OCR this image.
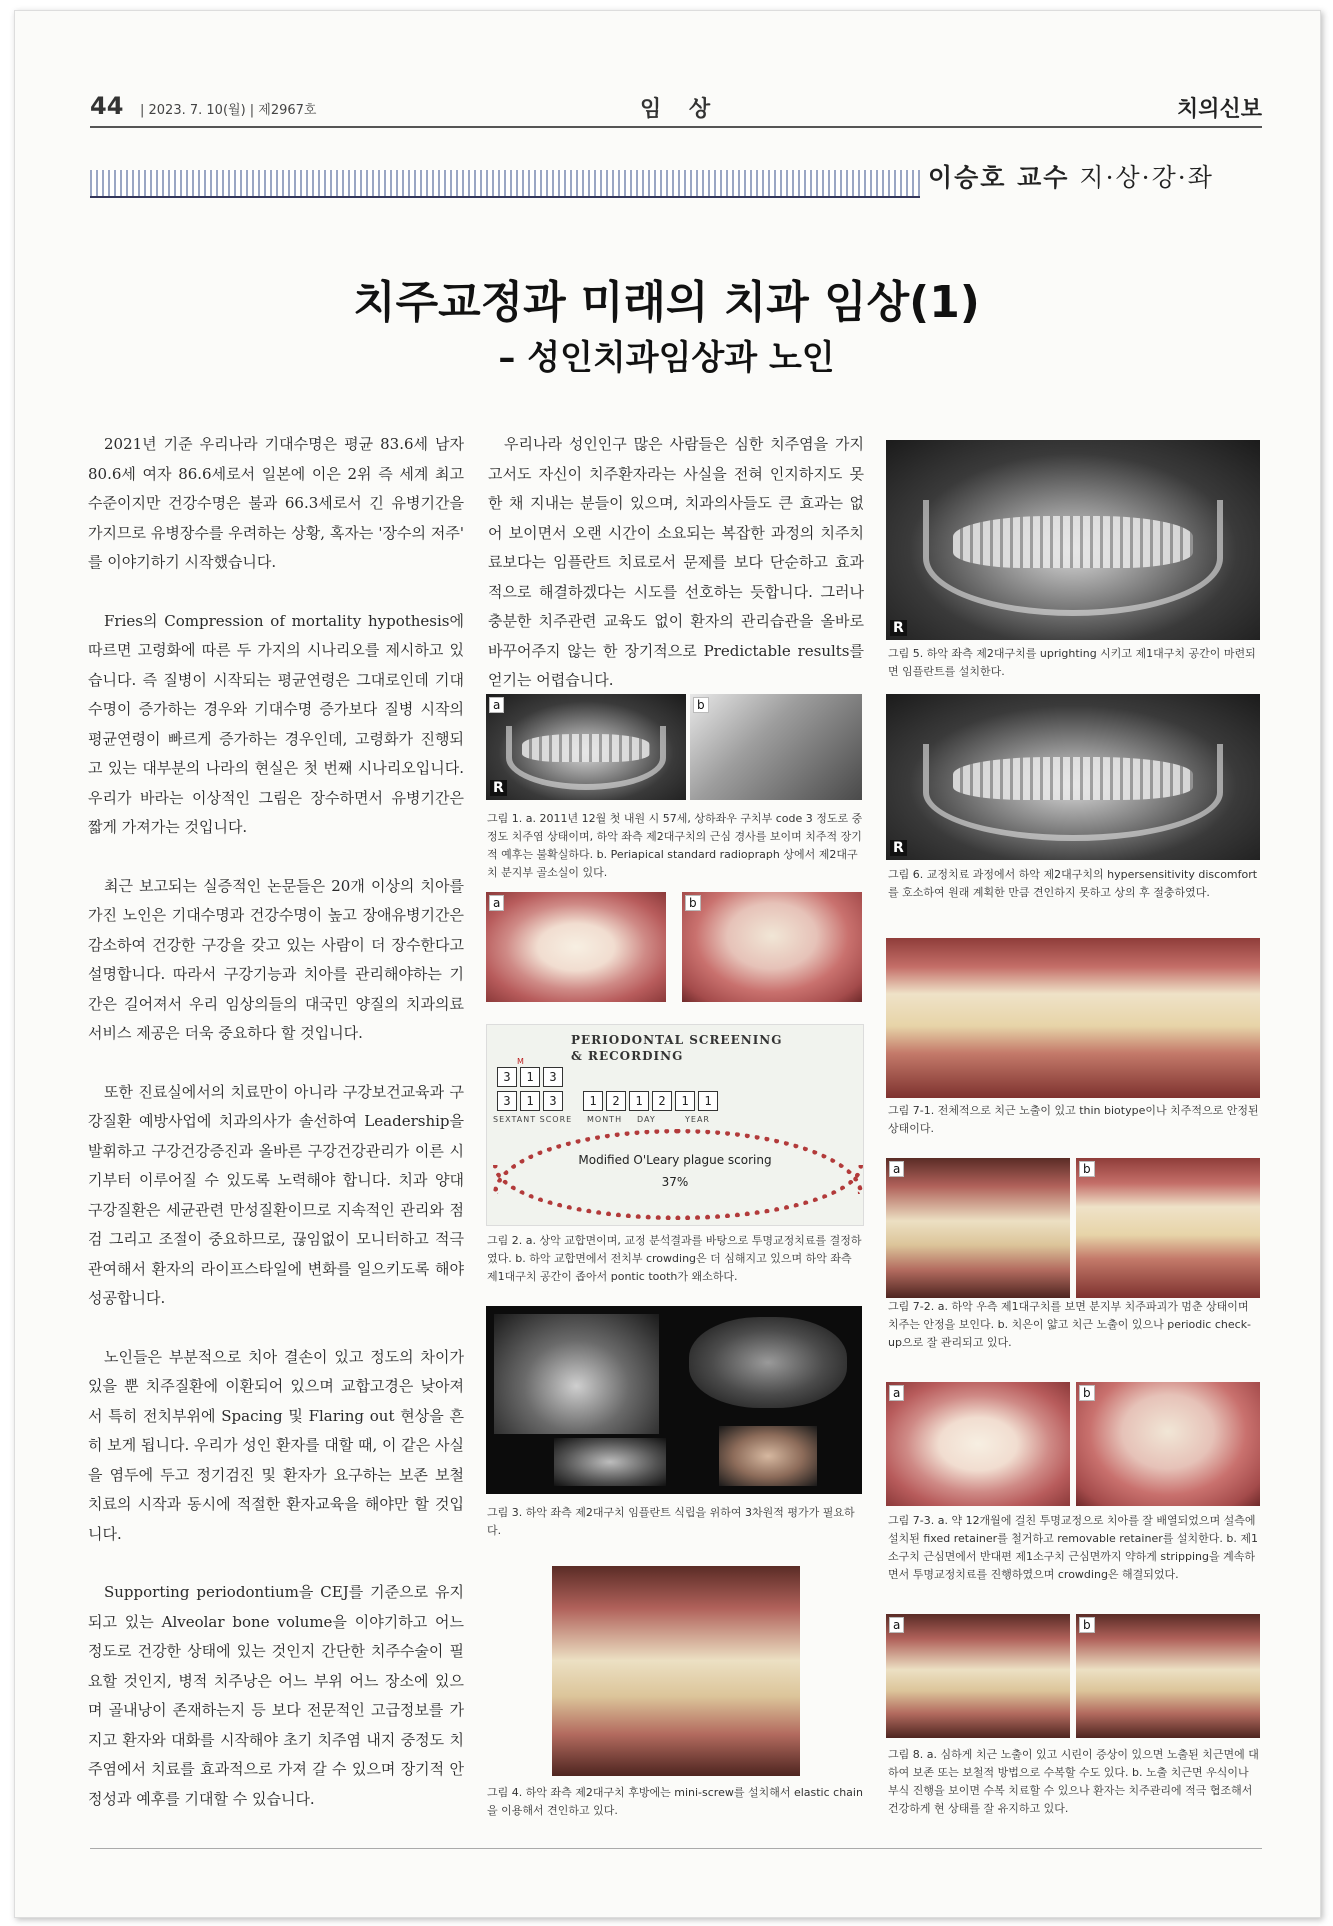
44 | 2023. 7. 10(월) | 제2967호	임 상	치의신보
이승호 교수 지·상·강·좌
치주교정과 미래의 치과 임상(1)
– 성인치과임상과 노인

2021년 기준 우리나라 기대수명은 평균 83.6세 남자 80.6세 여자 86.6세로서 일본에 이은 2위 즉 세계 최고 수준이지만 건강수명은 불과 66.3세로서 긴 유병기간을 가지므로 유병장수를 우려하는 상황, 혹자는 '장수의 저주' 를 이야기하기 시작했습니다.

Fries의 Compression of mortality hypothesis에 따르면 고령화에 따른 두 가지의 시나리오를 제시하고 있습니다. 즉 질병이 시작되는 평균연령은 그대로인데 기대수명이 증가하는 경우와 기대수명 증가보다 질병 시작의 평균연령이 빠르게 증가하는 경우인데, 고령화가 진행되고 있는 대부분의 나라의 현실은 첫 번째 시나리오입니다. 우리가 바라는 이상적인 그림은 장수하면서 유병기간은 짧게 가져가는 것입니다.

최근 보고되는 실증적인 논문들은 20개 이상의 치아를 가진 노인은 기대수명과 건강수명이 높고 장애유병기간은 감소하여 건강한 구강을 갖고 있는 사람이 더 장수한다고 설명합니다. 따라서 구강기능과 치아를 관리해야하는 기간은 길어져서 우리 임상의들의 대국민 양질의 치과의료 서비스 제공은 더욱 중요하다 할 것입니다.

또한 진료실에서의 치료만이 아니라 구강보건교육과 구강질환 예방사업에 치과의사가 솔선하여 Leadership을 발휘하고 구강건강증진과 올바른 구강건강관리가 이른 시기부터 이루어질 수 있도록 노력해야 합니다. 치과 양대 구강질환은 세균관련 만성질환이므로 지속적인 관리와 점검 그리고 조절이 중요하므로, 끊임없이 모니터하고 적극 관여해서 환자의 라이프스타일에 변화를 일으키도록 해야 성공합니다.

노인들은 부분적으로 치아 결손이 있고 정도의 차이가 있을 뿐 치주질환에 이환되어 있으며 교합고경은 낮아져서 특히 전치부위에 Spacing 및 Flaring out 현상을 흔히 보게 됩니다. 우리가 성인 환자를 대할 때, 이 같은 사실을 염두에 두고 정기검진 및 환자가 요구하는 보존 보철 치료의 시작과 동시에 적절한 환자교육을 해야만 할 것입니다.

Supporting periodontium을 CEJ를 기준으로 유지되고 있는 Alveolar bone volume을 이야기하고 어느 정도로 건강한 상태에 있는 것인지 간단한 치주수술이 필요할 것인지, 병적 치주낭은 어느 부위 어느 장소에 있으며 골내낭이 존재하는지 등 보다 전문적인 고급정보를 가지고 환자와 대화를 시작해야 초기 치주염 내지 중정도 치주염에서 치료를 효과적으로 가져 갈 수 있으며 장기적 안정성과 예후를 기대할 수 있습니다.

우리나라 성인인구 많은 사람들은 심한 치주염을 가지고서도 자신이 치주환자라는 사실을 전혀 인지하지도 못한 채 지내는 분들이 있으며, 치과의사들도 큰 효과는 없어 보이면서 오랜 시간이 소요되는 복잡한 과정의 치주치료보다는 임플란트 치료로서 문제를 보다 단순하고 효과적으로 해결하겠다는 시도를 선호하는 듯합니다. 그러나 충분한 치주관련 교육도 없이 환자의 관리습관을 올바로 바꾸어주지 않는 한 장기적으로 Predictable results를 얻기는 어렵습니다.

a
R
b
그림 1. a. 2011년 12월 첫 내원 시 57세, 상하좌우 구치부 code 3 정도로 중정도 치주염 상태이며, 하악 좌측 제2대구치의 근심 경사를 보이며 치주적 장기적 예후는 불확실하다. b. Periapical standard radiopraph 상에서 제2대구치 분지부 골소실이 있다.
a	b
PERIODONTAL SCREENING
& RECORDING
M
3	1	3
3	1	3	1	2	1	2	1	1
SEXTANT SCORE MONTH DAY	YEAR
Modified O'Leary plague scoring
37%
그림 2. a. 상악 교합면이며, 교정 분석결과를 바탕으로 투명교정치료를 결정하였다. b. 하악 교합면에서 전치부 crowding은 더 심해지고 있으며 하악 좌측 제1대구치 공간이 좁아서 pontic tooth가 왜소하다.
그림 3. 하악 좌측 제2대구치 임플란트 식립을 위하여 3차원적 평가가 필요하다.
그림 4. 하악 좌측 제2대구치 후방에는 mini-screw를 설치해서 elastic chain을 이용해서 견인하고 있다.
R
그림 5. 하악 좌측 제2대구치를 uprighting 시키고 제1대구치 공간이 마련되면 임플란트를 설치한다.
R
그림 6. 교정치료 과정에서 하악 제2대구치의 hypersensitivity discomfort를 호소하여 원래 계획한 만큼 견인하지 못하고 상의 후 절충하였다.
그림 7-1. 전체적으로 치근 노출이 있고 thin biotype이나 치주적으로 안정된 상태이다.
a	b
그림 7-2. a. 하악 우측 제1대구치를 보면 분지부 치주파괴가 멈춘 상태이며 치주는 안정을 보인다. b. 치은이 얇고 치근 노출이 있으나 periodic check-up으로 잘 관리되고 있다.
a	b
그림 7-3. a. 약 12개월에 걸친 투명교정으로 치아를 잘 배열되었으며 설측에 설치된 fixed retainer를 철거하고 removable retainer를 설치한다. b. 제1소구치 근심면에서 반대편 제1소구치 근심면까지 약하게 stripping을 계속하면서 투명교정치료를 진행하였으며 crowding은 해결되었다.
a	b
그림 8. a. 심하게 치근 노출이 있고 시린이 증상이 있으면 노출된 치근면에 대하여 보존 또는 보철적 방법으로 수복할 수도 있다. b. 노출 치근면 우식이나 부식 진행을 보이면 수복 치료할 수 있으나 환자는 치주관리에 적극 협조해서 건강하게 현 상태를 잘 유지하고 있다.
